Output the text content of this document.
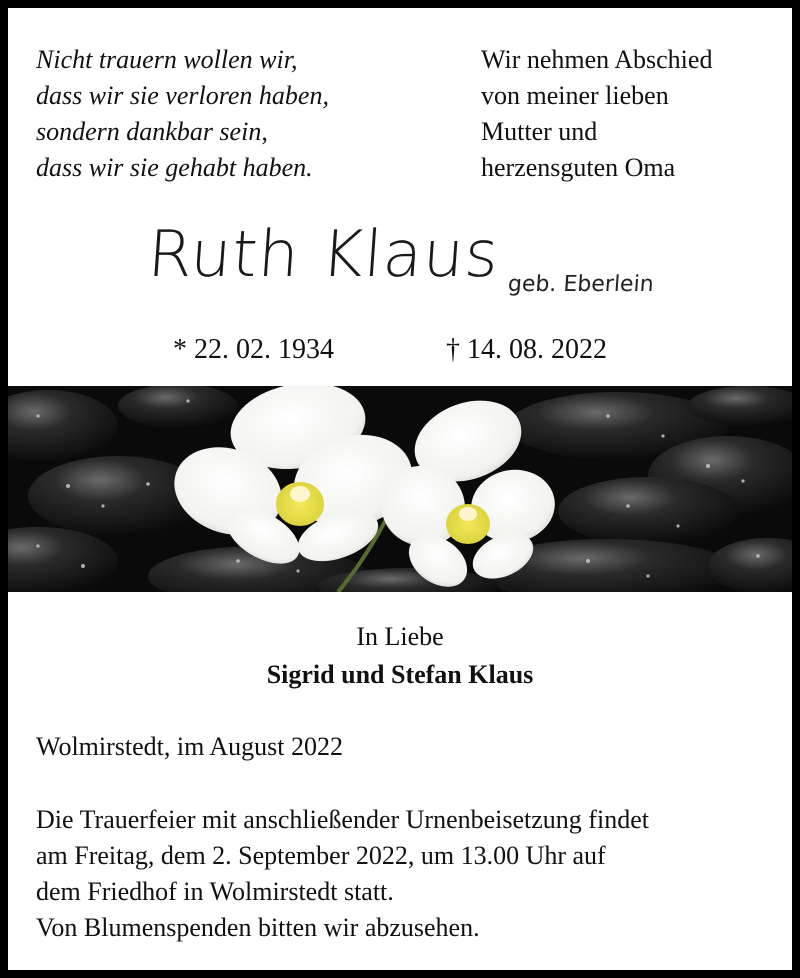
Nicht trauern wollen wir,
dass wir sie verloren haben,
sondern dankbar sein,
dass wir sie gehabt haben.
Wir nehmen Abschied
von meiner lieben
Mutter und
herzensguten Oma
Ruth Klaus geb. Eberlein
* 22. 02. 1934	† 14. 08. 2022
In Liebe
Sigrid und Stefan Klaus
Wolmirstedt, im August 2022
Die Trauerfeier mit anschließender Urnenbeisetzung findet
am Freitag, dem 2. September 2022, um 13.00 Uhr auf
dem Friedhof in Wolmirstedt statt.
Von Blumenspenden bitten wir abzusehen.
